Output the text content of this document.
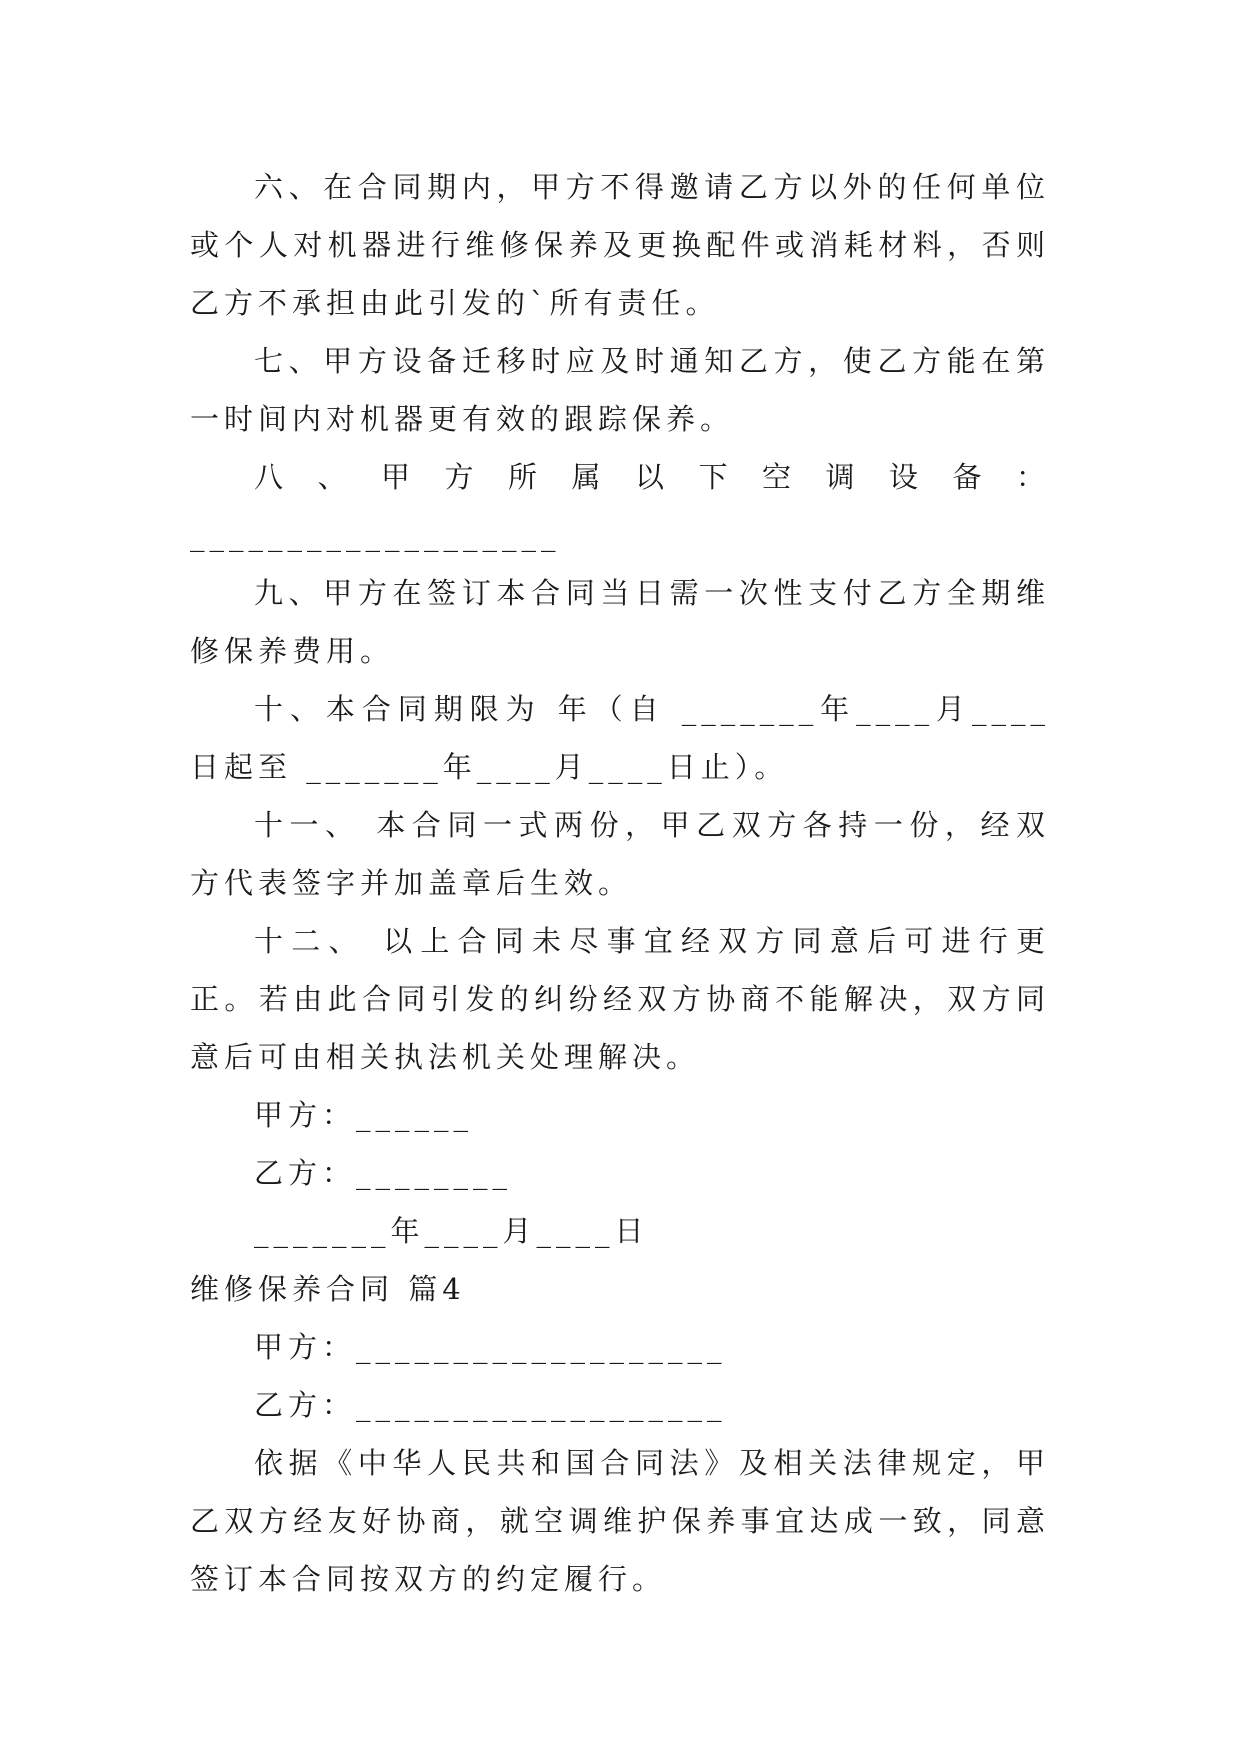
六、在合同期内，甲方不得邀请乙方以外的任何单位或个人对机器进行维修保养及更换配件或消耗材料，否则乙方不承担由此引发的`所有责任。

七、甲方设备迁移时应及时通知乙方，使乙方能在第一时间内对机器更有效的跟踪保养。

八、甲方所属以下空调设备：___________________

九、甲方在签订本合同当日需一次性支付乙方全期维修保养费用。

十、本合同期限为 年（自 _______年____月____日起至 _______年____月____日止）。

十一、 本合同一式两份，甲乙双方各持一份，经双方代表签字并加盖章后生效。

十二、 以上合同未尽事宜经双方同意后可进行更正。若由此合同引发的纠纷经双方协商不能解决，双方同意后可由相关执法机关处理解决。

甲方：______

乙方：________

_______年____月____日

维修保养合同 篇4

甲方：___________________

乙方：___________________

依据《中华人民共和国合同法》及相关法律规定，甲乙双方经友好协商，就空调维护保养事宜达成一致，同意签订本合同按双方的约定履行。
